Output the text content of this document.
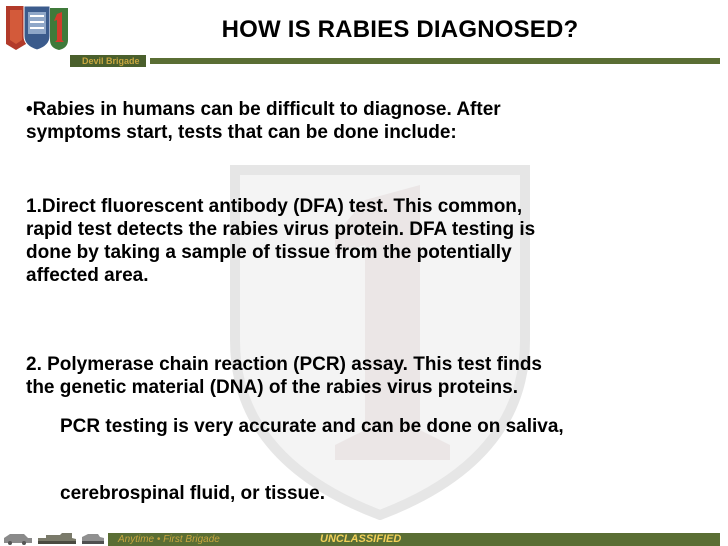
HOW IS RABIES DIAGNOSED?
Devil Brigade
•Rabies in humans can be difficult to diagnose. After
symptoms start, tests that can be done include:
1.Direct fluorescent antibody (DFA) test. This common,
rapid test detects the rabies virus protein. DFA testing is
done by taking a sample of tissue from the potentially
affected area.
2. Polymerase chain reaction (PCR) assay. This test finds
the genetic material (DNA) of the rabies virus proteins.
PCR testing is very accurate and can be done on saliva,
cerebrospinal fluid, or tissue.
Anytime • First Brigade	UNCLASSIFIED
